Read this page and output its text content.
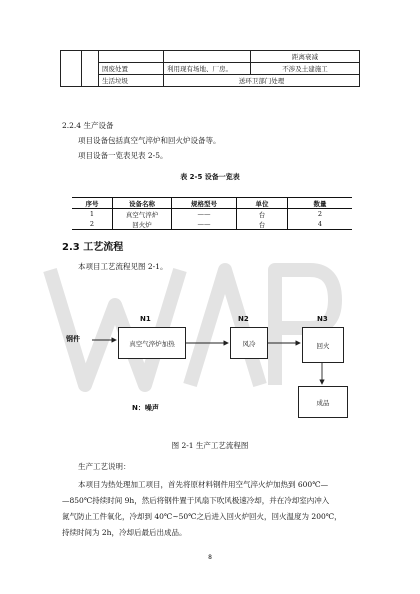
				距离衰减
		固废处置	利用现有场地、厂房。	不涉及土建施工
		生活垃圾	送环卫部门处理	
2.2.4 生产设备
项目设备包括真空气淬炉和回火炉设备等。
项目设备一览表见表 2-5。
表 2-5 设备一览表
序号	设备名称	规格型号	单位	数量
1	真空气淬炉	——	台	2
2	回火炉	——	台	4
2.3 工艺流程
本项目工艺流程见图 2-1。
钢件
N1
真空气淬炉加热
N2
风冷
N3
回火
成品
N：噪声
图 2-1 生产工艺流程图
生产工艺说明：
本项目为热处理加工项目，首先将原材料钢件用空气淬火炉加热到 600℃—
—850℃持续时间 9h，然后将钢件置于风扇下吹风极速冷却，并在冷却室内冲入
氮气防止工件氧化，冷却到 40℃~50℃之后进入回火炉回火，回火温度为 200℃，
持续时间为 2h，冷却后最后出成品。
8
